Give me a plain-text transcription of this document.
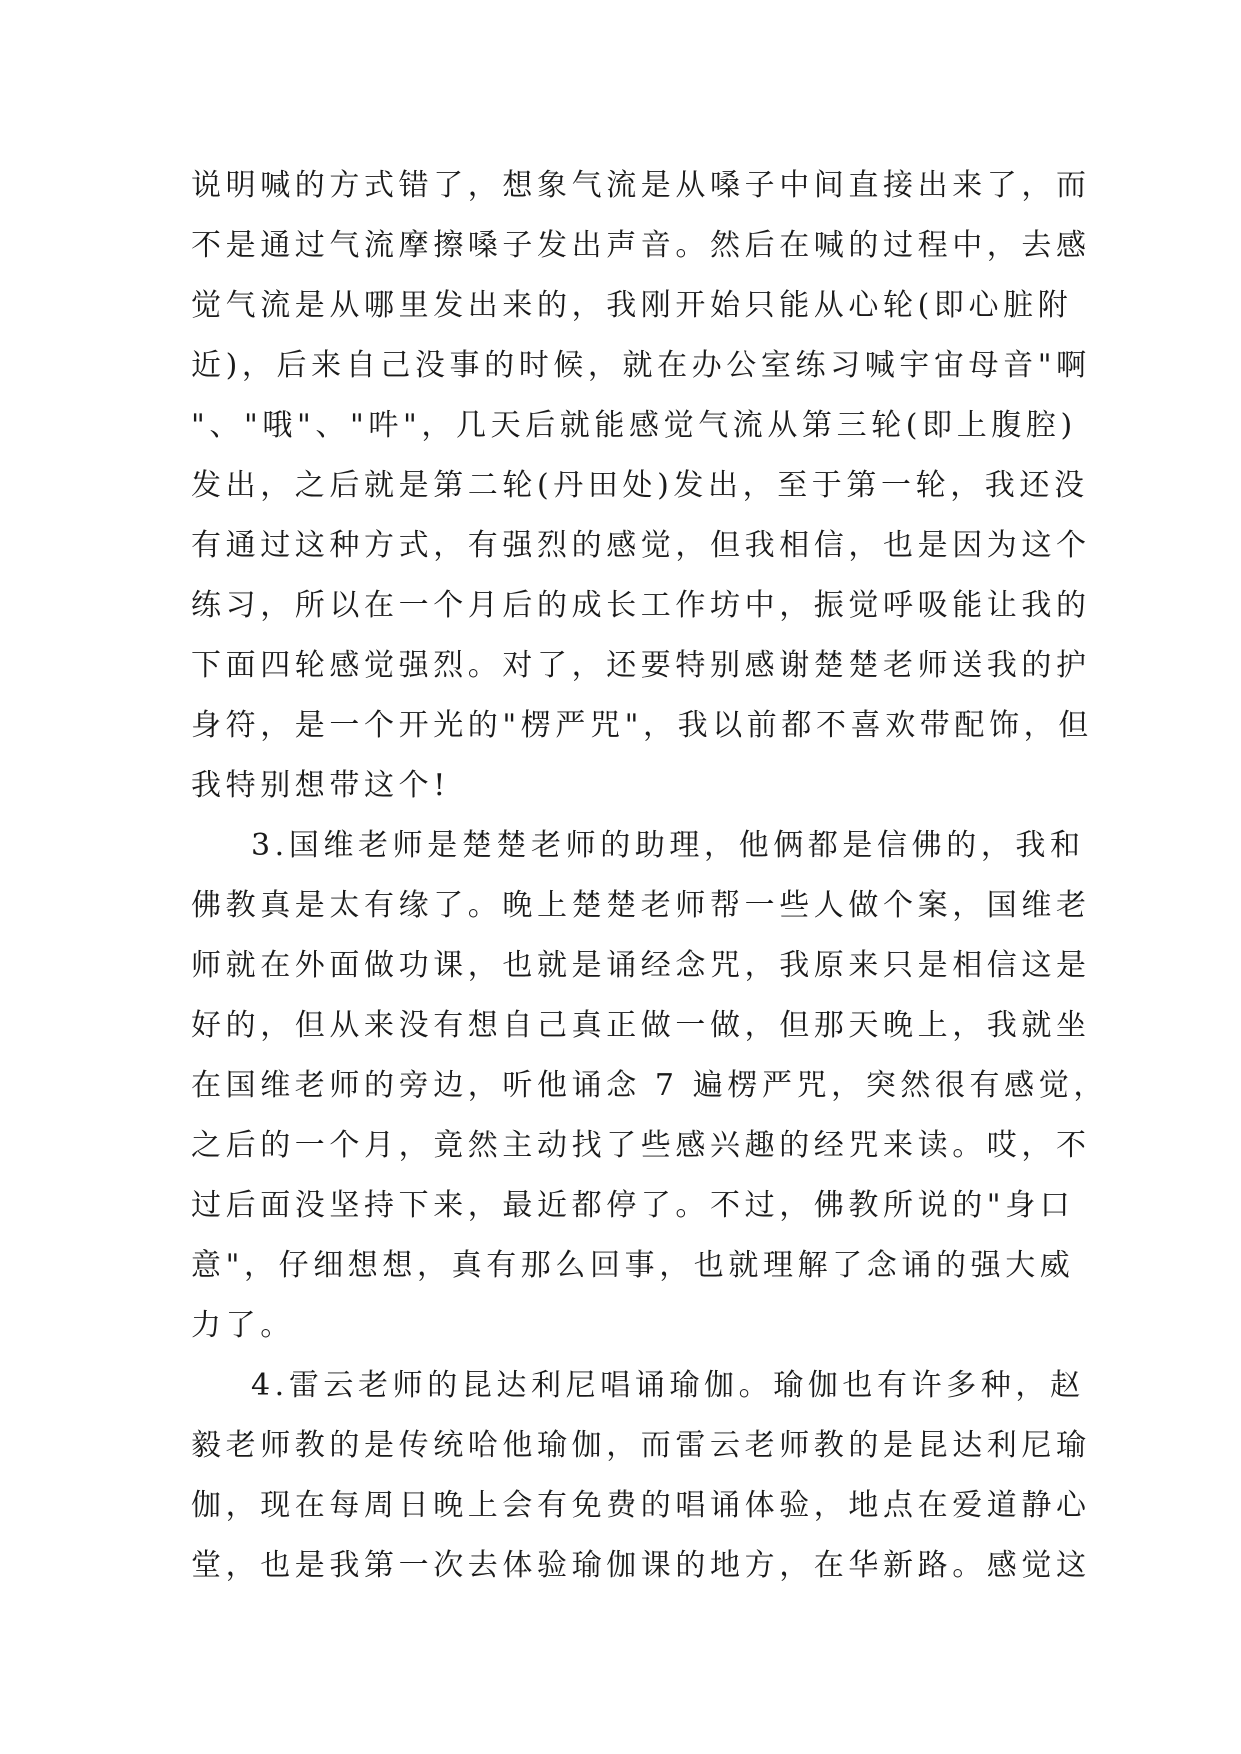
说明喊的方式错了，想象气流是从嗓子中间直接出来了，而
不是通过气流摩擦嗓子发出声音。然后在喊的过程中，去感
觉气流是从哪里发出来的，我刚开始只能从心轮(即心脏附
近)，后来自己没事的时候，就在办公室练习喊宇宙母音"啊
"、"哦"、"吽"，几天后就能感觉气流从第三轮(即上腹腔)
发出，之后就是第二轮(丹田处)发出，至于第一轮，我还没
有通过这种方式，有强烈的感觉，但我相信，也是因为这个
练习，所以在一个月后的成长工作坊中，振觉呼吸能让我的
下面四轮感觉强烈。对了，还要特别感谢楚楚老师送我的护
身符，是一个开光的"楞严咒"，我以前都不喜欢带配饰，但
我特别想带这个!
3.国维老师是楚楚老师的助理，他俩都是信佛的，我和
佛教真是太有缘了。晚上楚楚老师帮一些人做个案，国维老
师就在外面做功课，也就是诵经念咒，我原来只是相信这是
好的，但从来没有想自己真正做一做，但那天晚上，我就坐
在国维老师的旁边，听他诵念 7 遍楞严咒，突然很有感觉，
之后的一个月，竟然主动找了些感兴趣的经咒来读。哎，不
过后面没坚持下来，最近都停了。不过，佛教所说的"身口
意"，仔细想想，真有那么回事，也就理解了念诵的强大威
力了。
4.雷云老师的昆达利尼唱诵瑜伽。瑜伽也有许多种，赵
毅老师教的是传统哈他瑜伽，而雷云老师教的是昆达利尼瑜
伽，现在每周日晚上会有免费的唱诵体验，地点在爱道静心
堂，也是我第一次去体验瑜伽课的地方，在华新路。感觉这
